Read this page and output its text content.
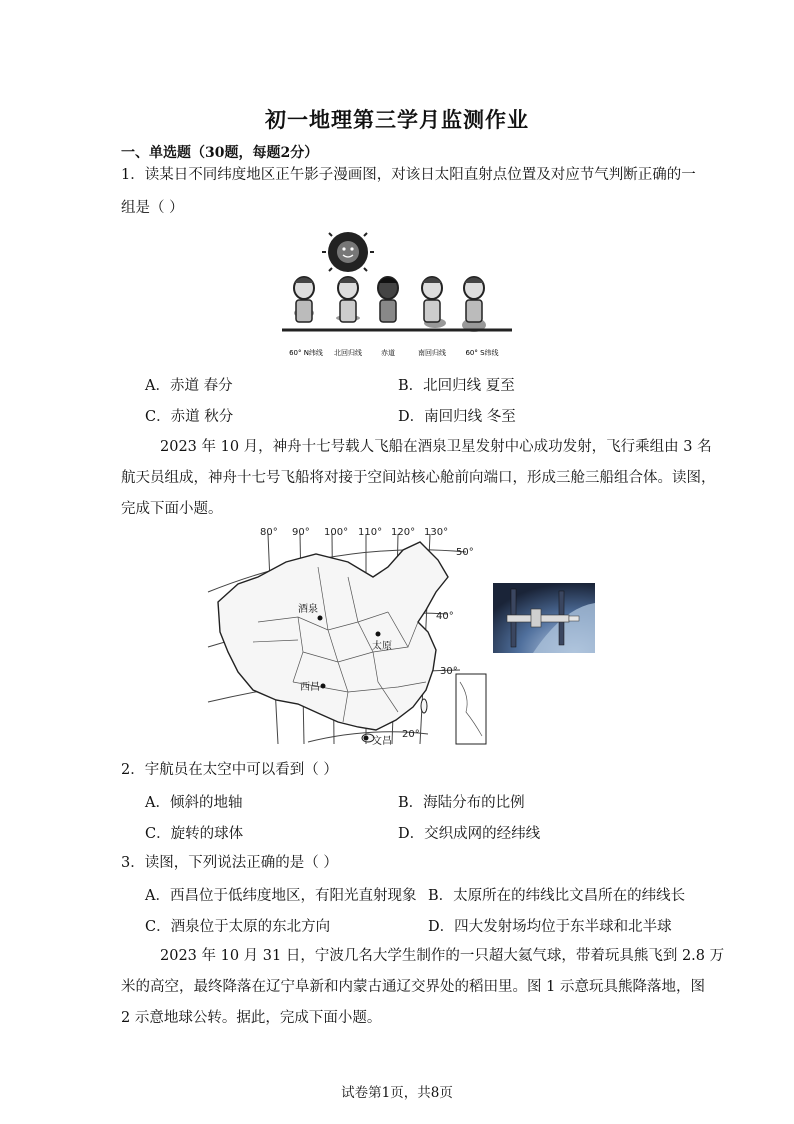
初一地理第三学月监测作业
一、单选题（30题，每题2分）
1．读某日不同纬度地区正午影子漫画图，对该日太阳直射点位置及对应节气判断正确的一
组是（ ）
60° N纬线 北回归线	赤道	南回归线	60° S纬线
A．赤道 春分	B．北回归线 夏至
C．赤道 秋分	D．南回归线 冬至
2023 年 10 月，神舟十七号载人飞船在酒泉卫星发射中心成功发射，飞行乘组由 3 名
航天员组成，神舟十七号飞船将对接于空间站核心舱前向端口，形成三舱三船组合体。读图，
完成下面小题。
80° 90° 100° 110° 120° 130°
50°
40°
30°
20°
酒泉
太原
西昌
文昌
2．宇航员在太空中可以看到（ ）
A．倾斜的地轴	B．海陆分布的比例
C．旋转的球体	D．交织成网的经纬线
3．读图，下列说法正确的是（ ）
A．西昌位于低纬度地区，有阳光直射现象 B．太原所在的纬线比文昌所在的纬线长
C．酒泉位于太原的东北方向	D．四大发射场均位于东半球和北半球
2023 年 10 月 31 日，宁波几名大学生制作的一只超大氦气球，带着玩具熊飞到 2.8 万
米的高空，最终降落在辽宁阜新和内蒙古通辽交界处的稻田里。图 1 示意玩具熊降落地，图
2 示意地球公转。据此，完成下面小题。
试卷第1页，共8页
